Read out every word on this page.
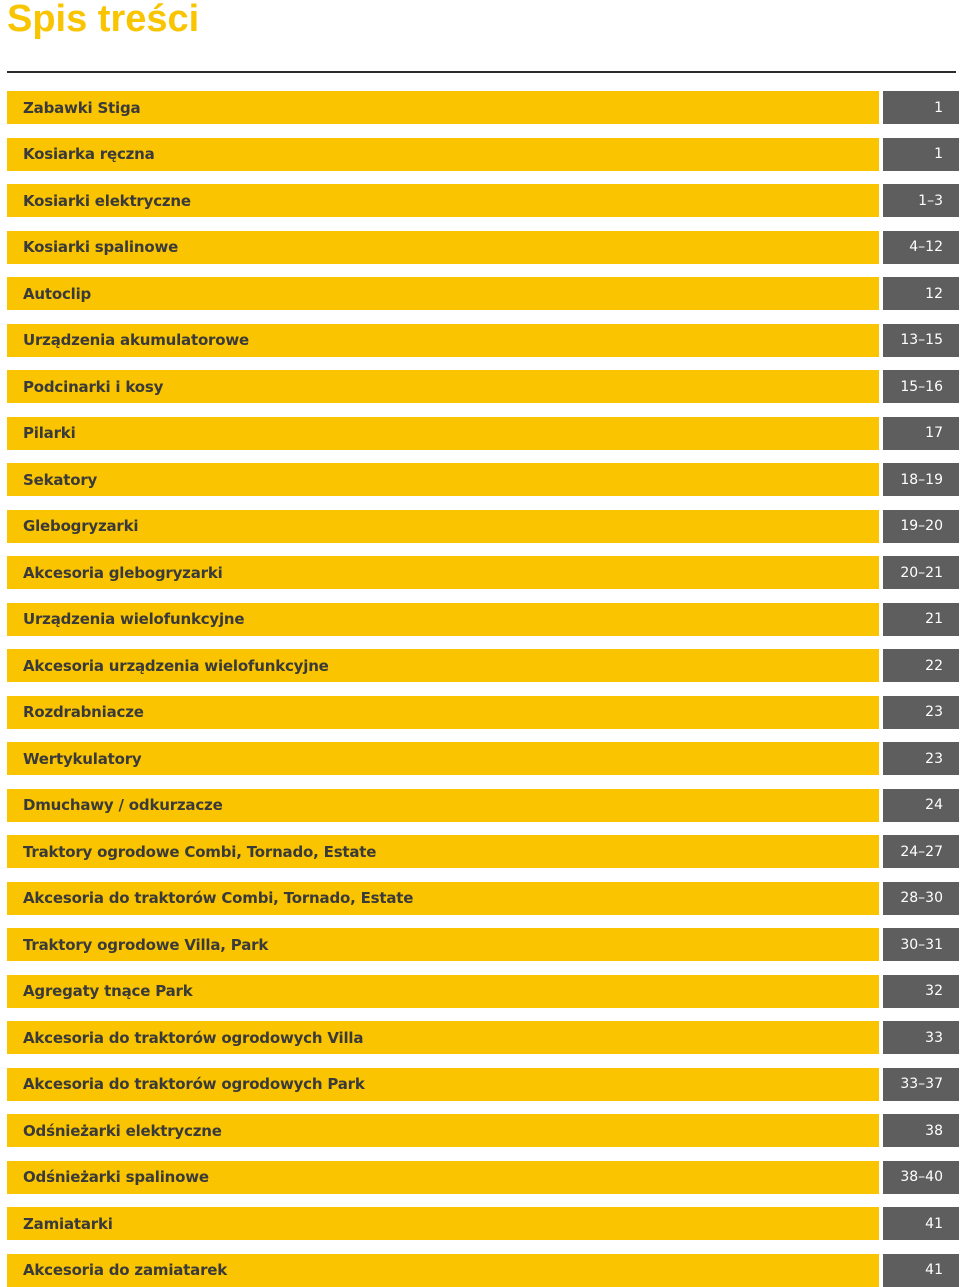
Spis treści
Zabawki Stiga	1
Kosiarka ręczna	1
Kosiarki elektryczne	1–3
Kosiarki spalinowe	4–12
Autoclip	12
Urządzenia akumulatorowe	13–15
Podcinarki i kosy	15–16
Pilarki	17
Sekatory	18–19
Glebogryzarki	19–20
Akcesoria glebogryzarki	20–21
Urządzenia wielofunkcyjne	21
Akcesoria urządzenia wielofunkcyjne	22
Rozdrabniacze	23
Wertykulatory	23
Dmuchawy / odkurzacze	24
Traktory ogrodowe Combi, Tornado, Estate	24–27
Akcesoria do traktorów Combi, Tornado, Estate	28–30
Traktory ogrodowe Villa, Park	30–31
Agregaty tnące Park	32
Akcesoria do traktorów ogrodowych Villa	33
Akcesoria do traktorów ogrodowych Park	33–37
Odśnieżarki elektryczne	38
Odśnieżarki spalinowe	38–40
Zamiatarki	41
Akcesoria do zamiatarek	41
